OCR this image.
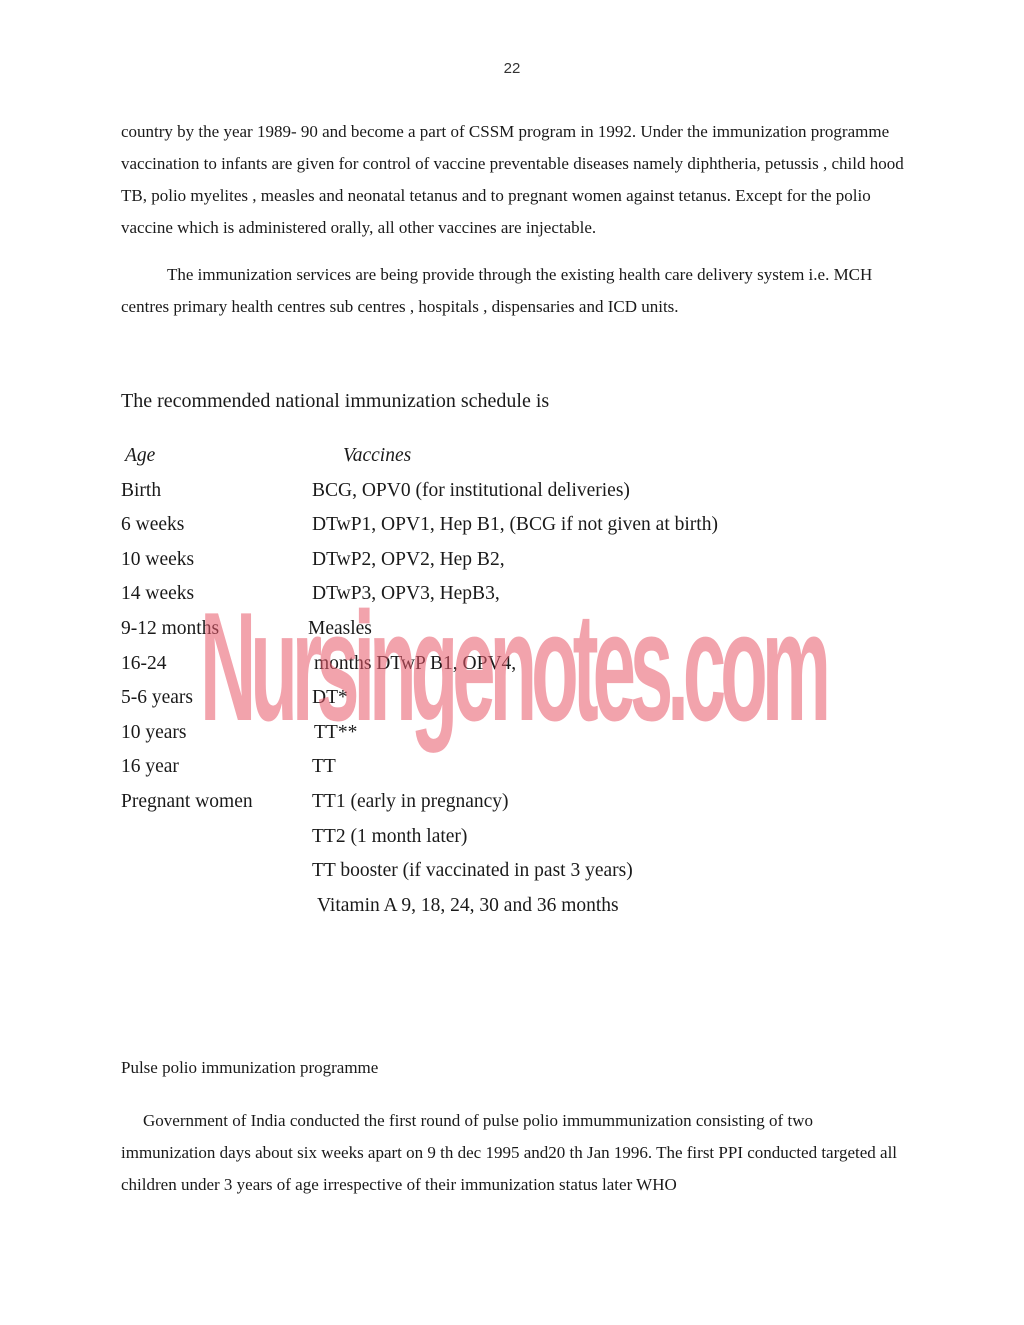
22

country by the year 1989- 90 and become a part of CSSM program in 1992. Under the immunization programme vaccination to infants are given for control of vaccine preventable diseases namely diphtheria, petussis , child hood TB, polio myelites , measles and neonatal tetanus and to pregnant women against tetanus. Except for the polio vaccine which is administered orally, all other vaccines are injectable.

The immunization services are being provide through the existing health care delivery system i.e. MCH centres primary health centres sub centres , hospitals , dispensaries and ICD units.

The recommended national immunization schedule is

Age	Vaccines
Birth	BCG, OPV0 (for institutional deliveries)
6 weeks	DTwP1, OPV1, Hep B1, (BCG if not given at birth)
10 weeks	DTwP2, OPV2, Hep B2,
14 weeks	DTwP3, OPV3, HepB3,
9-12 months	Measles
16-24	months DTwP B1, OPV4,
5-6 years	DT*
10 years	TT**
16 year	TT
Pregnant women	TT1 (early in pregnancy)
TT2 (1 month later)
TT booster (if vaccinated in past 3 years)
Vitamin A 9, 18, 24, 30 and 36 months

Pulse polio immunization programme

Government of India conducted the first round of pulse polio immummunization consisting of two immunization days about six weeks apart on 9 th dec 1995 and20 th Jan 1996. The first PPI conducted targeted all children under 3 years of age irrespective of their immunization status later WHO

Nursingenotes.com
